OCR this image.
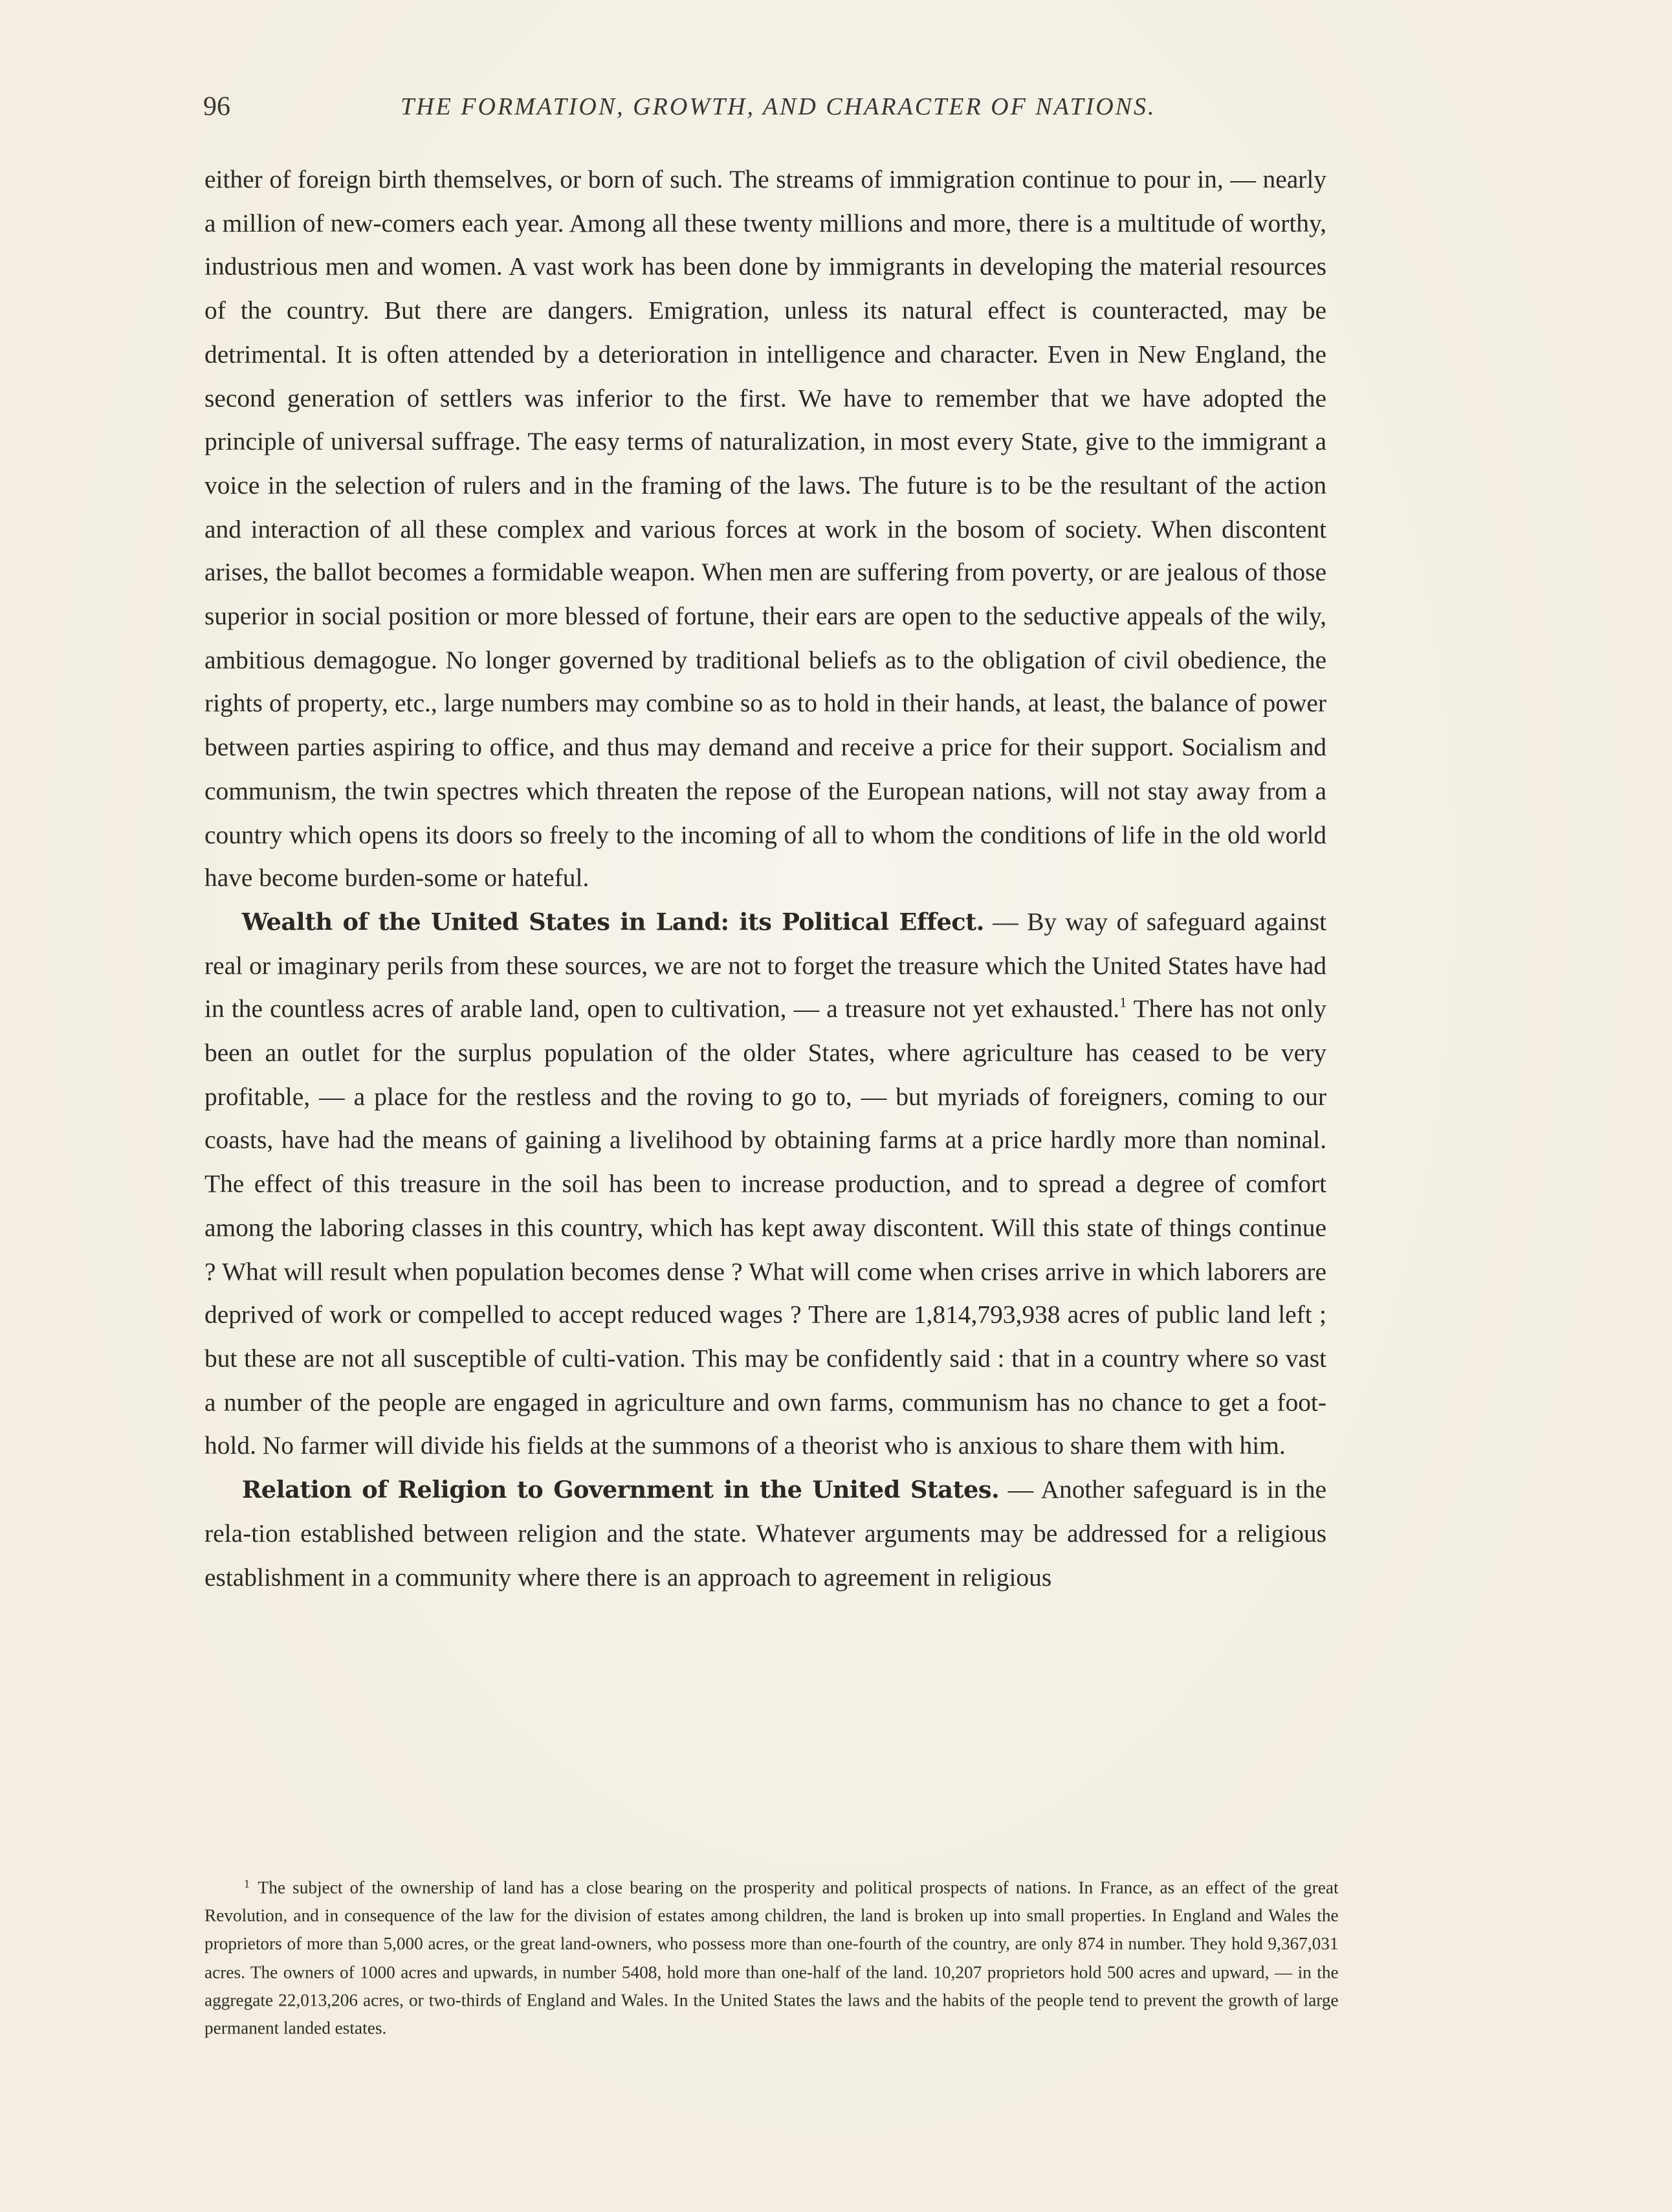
96	THE FORMATION, GROWTH, AND CHARACTER OF NATIONS.

either of foreign birth themselves, or born of such. The streams of immigration continue to pour in, — nearly a million of new-comers each year. Among all these twenty millions and more, there is a multitude of worthy, industrious men and women. A vast work has been done by immigrants in developing the material resources of the country. But there are dangers. Emigration, unless its natural effect is counteracted, may be detrimental. It is often attended by a deterioration in intelligence and character. Even in New England, the second generation of settlers was inferior to the first. We have to remember that we have adopted the principle of universal suffrage. The easy terms of naturalization, in most every State, give to the immigrant a voice in the selection of rulers and in the framing of the laws. The future is to be the resultant of the action and interaction of all these complex and various forces at work in the bosom of society. When discontent arises, the ballot becomes a formidable weapon. When men are suffering from poverty, or are jealous of those superior in social position or more blessed of fortune, their ears are open to the seductive appeals of the wily, ambitious demagogue. No longer governed by traditional beliefs as to the obligation of civil obedience, the rights of property, etc., large numbers may combine so as to hold in their hands, at least, the balance of power between parties aspiring to office, and thus may demand and receive a price for their support. Socialism and communism, the twin spectres which threaten the repose of the European nations, will not stay away from a country which opens its doors so freely to the incoming of all to whom the conditions of life in the old world have become burden-some or hateful.

Wealth of the United States in Land: its Political Effect. — By way of safeguard against real or imaginary perils from these sources, we are not to forget the treasure which the United States have had in the countless acres of arable land, open to cultivation, — a treasure not yet exhausted.$^1$ There has not only been an outlet for the surplus population of the older States, where agriculture has ceased to be very profitable, — a place for the restless and the roving to go to, — but myriads of foreigners, coming to our coasts, have had the means of gaining a livelihood by obtaining farms at a price hardly more than nominal. The effect of this treasure in the soil has been to increase production, and to spread a degree of comfort among the laboring classes in this country, which has kept away discontent. Will this state of things continue ? What will result when population becomes dense ? What will come when crises arrive in which laborers are deprived of work or compelled to accept reduced wages ? There are 1,814,793,938 acres of public land left ; but these are not all susceptible of culti-vation. This may be confidently said : that in a country where so vast a number of the people are engaged in agriculture and own farms, communism has no chance to get a foot-hold. No farmer will divide his fields at the summons of a theorist who is anxious to share them with him.

Relation of Religion to Government in the United States. — Another safeguard is in the rela-tion established between religion and the state. Whatever arguments may be addressed for a religious establishment in a community where there is an approach to agreement in religious

$^1$ The subject of the ownership of land has a close bearing on the prosperity and political prospects of nations. In France, as an effect of the great Revolution, and in consequence of the law for the division of estates among children, the land is broken up into small properties. In England and Wales the proprietors of more than 5,000 acres, or the great land-owners, who possess more than one-fourth of the country, are only 874 in number. They hold 9,367,031 acres. The owners of 1000 acres and upwards, in number 5408, hold more than one-half of the land. 10,207 proprietors hold 500 acres and upward, — in the aggregate 22,013,206 acres, or two-thirds of England and Wales. In the United States the laws and the habits of the people tend to prevent the growth of large permanent landed estates.
